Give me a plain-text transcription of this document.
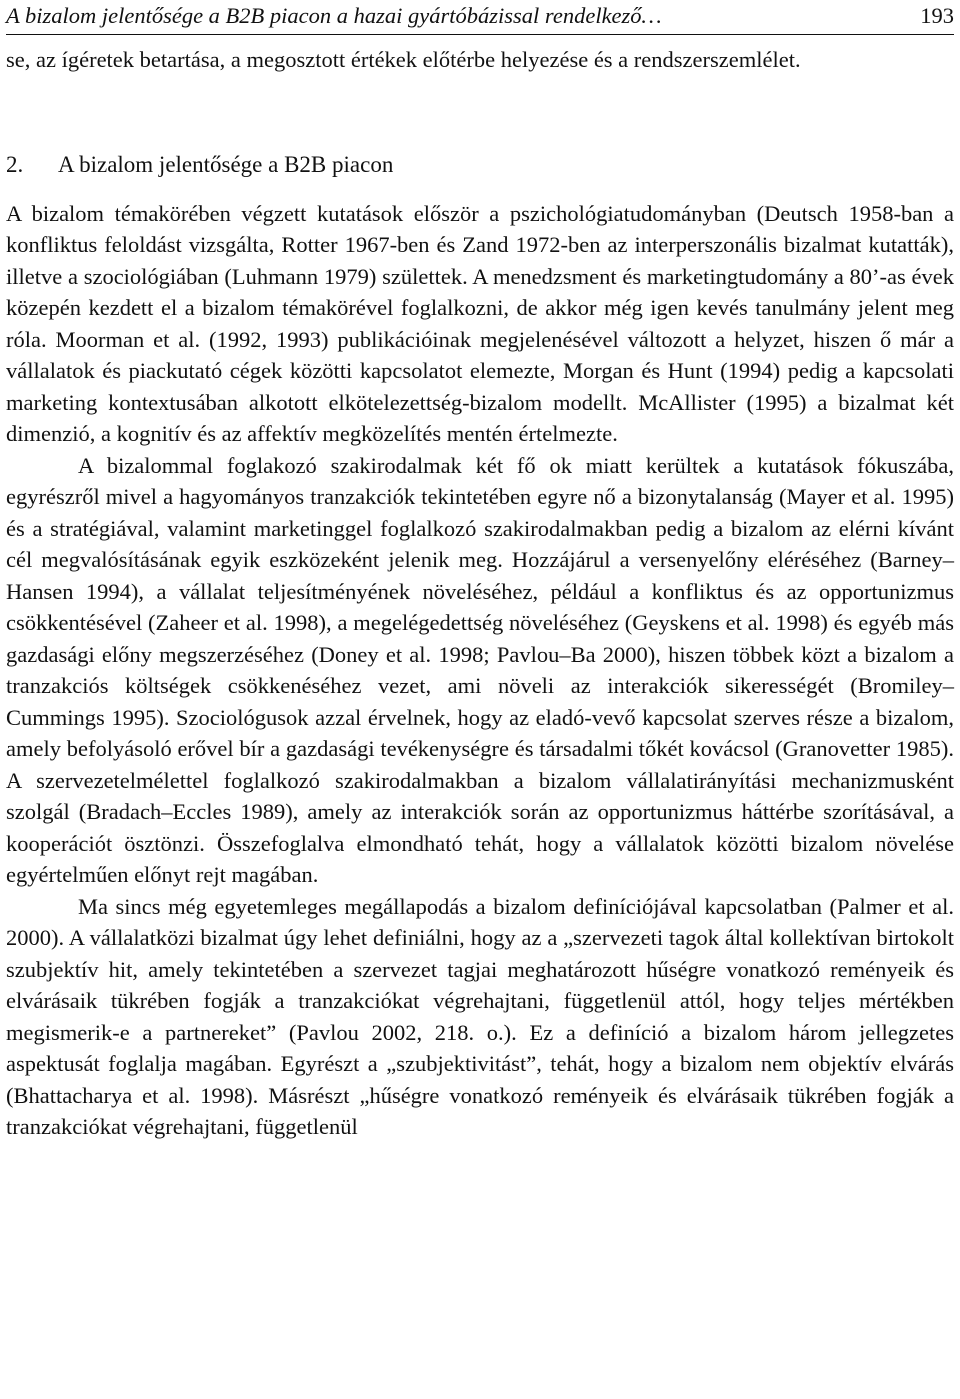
A bizalom jelentősége a B2B piacon a hazai gyártóbázissal rendelkező…	193

se, az ígéretek betartása, a megosztott értékek előtérbe helyezése és a rendszerszemlélet.

2. A bizalom jelentősége a B2B piacon

A bizalom témakörében végzett kutatások először a pszichológiatudományban (Deutsch 1958-ban a konfliktus feloldást vizsgálta, Rotter 1967-ben és Zand 1972-ben az interperszonális bizalmat kutatták), illetve a szociológiában (Luhmann 1979) születtek. A menedzsment és marketingtudomány a 80’-as évek közepén kezdett el a bizalom témakörével foglalkozni, de akkor még igen kevés tanulmány jelent meg róla. Moorman et al. (1992, 1993) publikációinak megjelenésével változott a helyzet, hiszen ő már a vállalatok és piackutató cégek közötti kapcsolatot elemezte, Morgan és Hunt (1994) pedig a kapcsolati marketing kontextusában alkotott elkötelezettség-bizalom modellt. McAllister (1995) a bizalmat két dimenzió, a kognitív és az affektív megközelítés mentén értelmezte.

A bizalommal foglakozó szakirodalmak két fő ok miatt kerültek a kutatások fókuszába, egyrészről mivel a hagyományos tranzakciók tekintetében egyre nő a bizonytalanság (Mayer et al. 1995) és a stratégiával, valamint marketinggel foglalkozó szakirodalmakban pedig a bizalom az elérni kívánt cél megvalósításának egyik eszközeként jelenik meg. Hozzájárul a versenyelőny eléréséhez (Barney–Hansen 1994), a vállalat teljesítményének növeléséhez, például a konfliktus és az opportunizmus csökkentésével (Zaheer et al. 1998), a megelégedettség növeléséhez (Geyskens et al. 1998) és egyéb más gazdasági előny megszerzéséhez (Doney et al. 1998; Pavlou–Ba 2000), hiszen többek közt a bizalom a tranzakciós költségek csökkenéséhez vezet, ami növeli az interakciók sikerességét (Bromiley–Cummings 1995). Szociológusok azzal érvelnek, hogy az eladó-vevő kapcsolat szerves része a bizalom, amely befolyásoló erővel bír a gazdasági tevékenységre és társadalmi tőkét kovácsol (Granovetter 1985). A szervezetelmélettel foglalkozó szakirodalmakban a bizalom vállalatirányítási mechanizmusként szolgál (Bradach–Eccles 1989), amely az interakciók során az opportunizmus háttérbe szorításával, a kooperációt ösztönzi. Összefoglalva elmondható tehát, hogy a vállalatok közötti bizalom növelése egyértelműen előnyt rejt magában.

Ma sincs még egyetemleges megállapodás a bizalom definíciójával kapcsolatban (Palmer et al. 2000). A vállalatközi bizalmat úgy lehet definiálni, hogy az a „szervezeti tagok által kollektívan birtokolt szubjektív hit, amely tekintetében a szervezet tagjai meghatározott hűségre vonatkozó reményeik és elvárásaik tükrében fogják a tranzakciókat végrehajtani, függetlenül attól, hogy teljes mértékben megismerik-e a partnereket” (Pavlou 2002, 218. o.). Ez a definíció a bizalom három jellegzetes aspektusát foglalja magában. Egyrészt a „szubjektivitást”, tehát, hogy a bizalom nem objektív elvárás (Bhattacharya et al. 1998). Másrészt „hűségre vonatkozó reményeik és elvárásaik tükrében fogják a tranzakciókat végrehajtani, függetlenül
